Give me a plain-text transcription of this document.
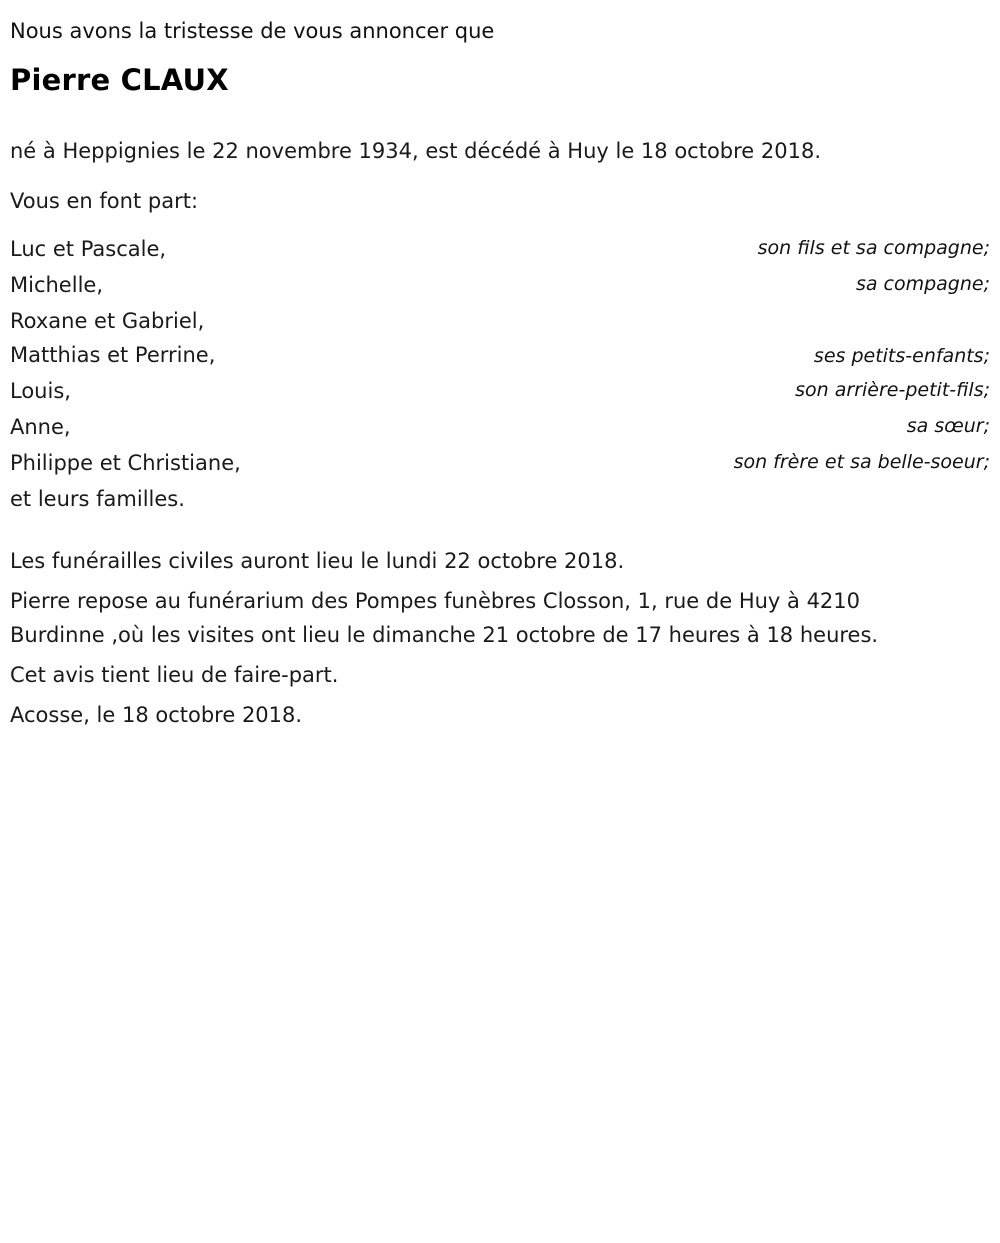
Nous avons la tristesse de vous annoncer que

Pierre CLAUX

né à Heppignies le 22 novembre 1934, est décédé à Huy le 18 octobre 2018.

Vous en font part:

Luc et Pascale,	son fils et sa compagne;
Michelle,	sa compagne;
Roxane et Gabriel,
Matthias et Perrine,	ses petits-enfants;
Louis,	son arrière-petit-fils;
Anne,	sa sœur;
Philippe et Christiane,	son frère et sa belle-soeur;

et leurs familles.

Les funérailles civiles auront lieu le lundi 22 octobre 2018.

Pierre repose au funérarium des Pompes funèbres Closson, 1, rue de Huy à 4210 Burdinne ,où les visites ont lieu le dimanche 21 octobre de 17 heures à 18 heures.

Cet avis tient lieu de faire-part.

Acosse, le 18 octobre 2018.
